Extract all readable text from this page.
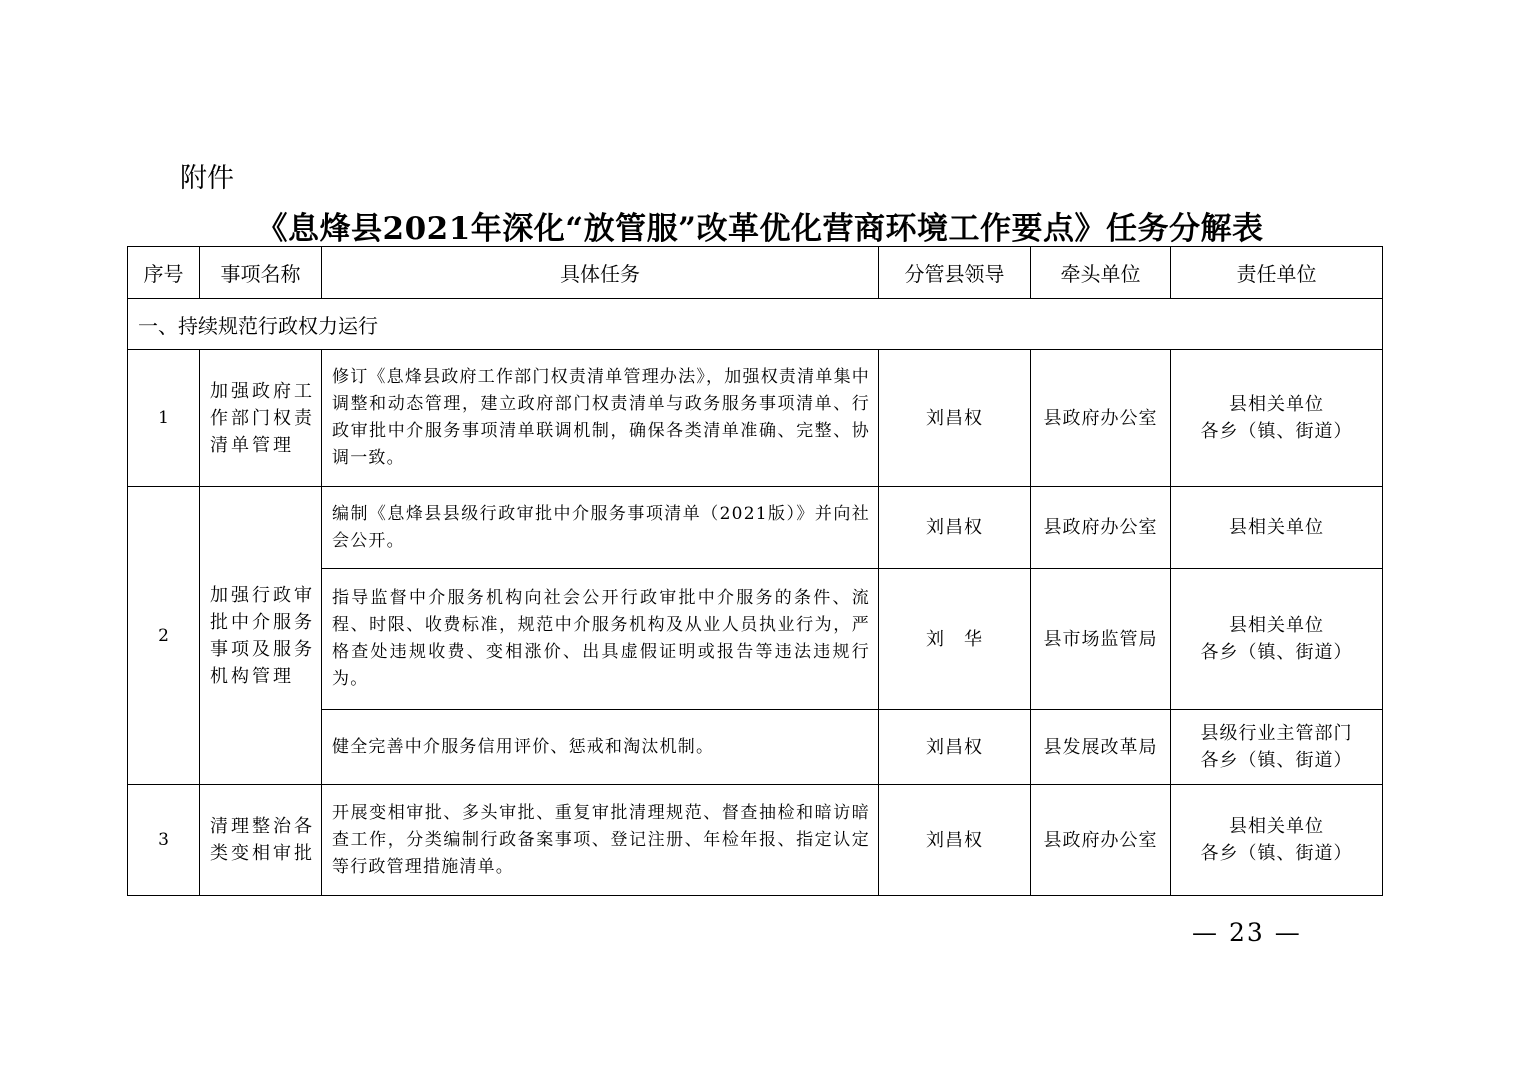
附件
《息烽县2021年深化“放管服”改革优化营商环境工作要点》任务分解表
序号	事项名称	具体任务	分管县领导	牵头单位	责任单位
一、持续规范行政权力运行					
1	加强政府工作部门权责清单管理	修订《息烽县政府工作部门权责清单管理办法》，加强权责清单集中调整和动态管理，建立政府部门权责清单与政务服务事项清单、行政审批中介服务事项清单联调机制，确保各类清单准确、完整、协调一致。	刘昌权	县政府办公室	县相关单位
各乡（镇、街道）

2	加强行政审批中介服务事项及服务机构管理	编制《息烽县县级行政审批中介服务事项清单（2021版）》并向社会公开。	刘昌权	县政府办公室	县相关单位

		指导监督中介服务机构向社会公开行政审批中介服务的条件、流程、时限、收费标准，规范中介服务机构及从业人员执业行为，严格查处违规收费、变相涨价、出具虚假证明或报告等违法违规行为。	刘　华	县市场监管局	县相关单位
各乡（镇、街道）

		健全完善中介服务信用评价、惩戒和淘汰机制。	刘昌权	县发展改革局	县级行业主管部门
各乡（镇、街道）

3	清理整治各类变相审批	开展变相审批、多头审批、重复审批清理规范、督查抽检和暗访暗查工作，分类编制行政备案事项、登记注册、年检年报、指定认定等行政管理措施清单。	刘昌权	县政府办公室	县相关单位
各乡（镇、街道）
— 23 —
